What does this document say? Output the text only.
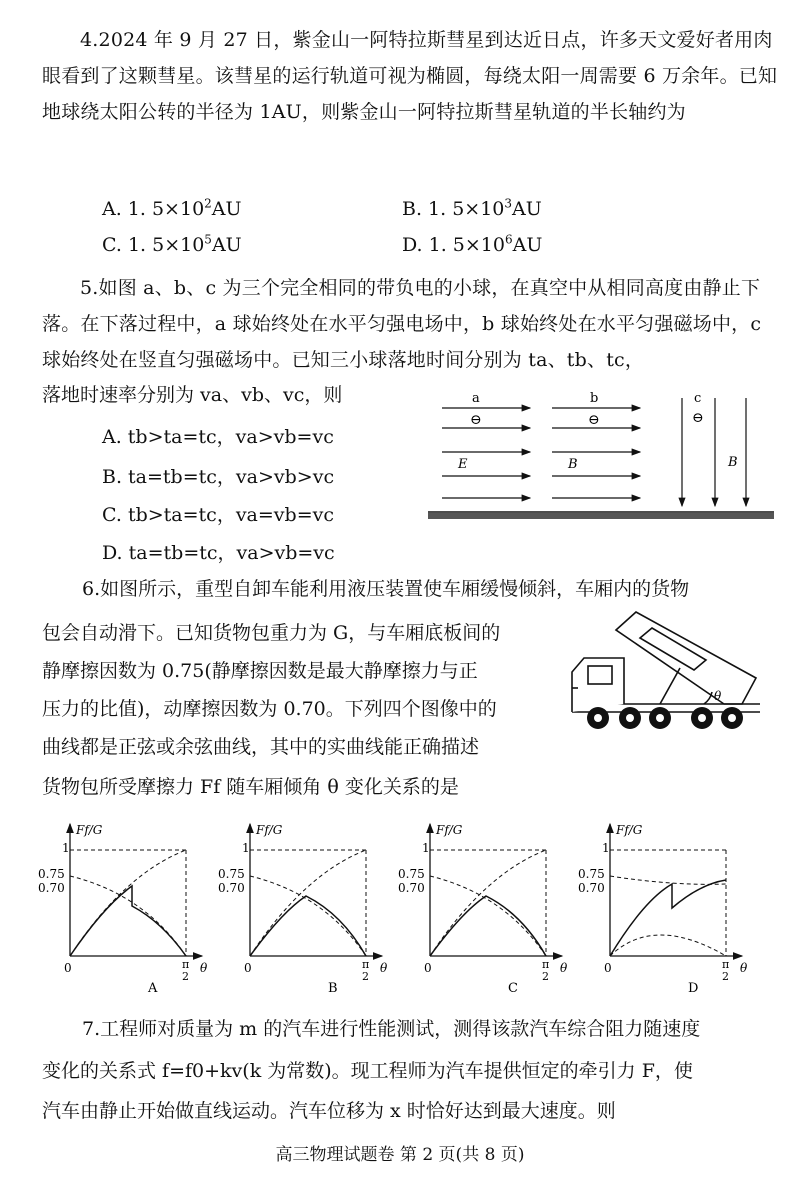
4.2024 年 9 月 27 日，紫金山一阿特拉斯彗星到达近日点，许多天文爱好者用肉眼看到了这颗彗星。该彗星的运行轨道可视为椭圆，每绕太阳一周需要 6 万余年。已知地球绕太阳公转的半径为 1AU，则紫金山一阿特拉斯彗星轨道的半长轴约为

A. 1. $5\times 10^2AU$	B. 1. $5\times 10^3AU$
C. 1. $5\times 10^5AU$	D. 1. $5\times 10^6AU$

5.如图 a、b、c 为三个完全相同的带负电的小球，在真空中从相同高度由静止下落。在下落过程中，a 球始终处在水平匀强电场中，b 球始终处在水平匀强磁场中，c 球始终处在竖直匀强磁场中。已知三小球落地时间分别为 ta、tb、tc，

落地时速率分别为 va、vb、vc，则
A. tb>ta=tc，va>vb=vc
B. ta=tb=tc，va>vb>vc
C. tb>ta=tc，va=vb=vc
D. ta=tb=tc，va>vb=vc
a
⊖
b
⊖
c
⊖
E	B	B
6.如图所示，重型自卸车能利用液压装置使车厢缓慢倾斜，车厢内的货物
包会自动滑下。已知货物包重力为 G，与车厢底板间的
静摩擦因数为 0.75(静摩擦因数是最大静摩擦力与正
压力的比值)，动摩擦因数为 0.70。下列四个图像中的
曲线都是正弦或余弦曲线，其中的实曲线能正确描述
货物包所受摩擦力 Ff 随车厢倾角 θ 变化关系的是
θ
Ff/G
1
0.75
0.70
0	π
2
θ
A
Ff/G
1
0.75
0.70
0	π
2
θ
B
Ff/G
1
0.75
0.70
0	π
2
θ
C
Ff/G
1
0.75
0.70
0	π
2
θ
D
7.工程师对质量为 m 的汽车进行性能测试，测得该款汽车综合阻力随速度
变化的关系式 f=f0+kv(k 为常数)。现工程师为汽车提供恒定的牵引力 F，使
汽车由静止开始做直线运动。汽车位移为 x 时恰好达到最大速度。则
高三物理试题卷 第 2 页(共 8 页)
